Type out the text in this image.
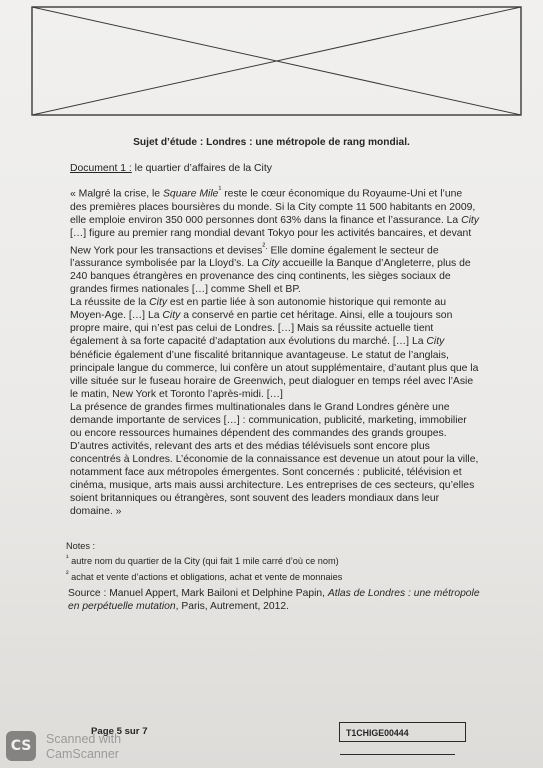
Sujet d’étude : Londres : une métropole de rang mondial.
Document 1 : le quartier d’affaires de la City

« Malgré la crise, le Square Mile$^{^1}$ reste le cœur économique du Royaume-Uni et l’une des premières places boursières du monde. Si la City compte 11 500 habitants en 2009, elle emploie environ 350 000 personnes dont 63% dans la finance et l’assurance. La City […] figure au premier rang mondial devant Tokyo pour les activités bancaires, et devant New York pour les transactions et devises$^{^2.}$ Elle domine également le secteur de l’assurance symbolisée par la Lloyd’s. La City accueille la Banque d’Angleterre, plus de 240 banques étrangères en provenance des cinq continents, les sièges sociaux de grandes firmes nationales […] comme Shell et BP.

La réussite de la City est en partie liée à son autonomie historique qui remonte au Moyen-Age. […] La City a conservé en partie cet héritage. Ainsi, elle a toujours son propre maire, qui n’est pas celui de Londres. […] Mais sa réussite actuelle tient également à sa forte capacité d’adaptation aux évolutions du marché. […] La City bénéficie également d’une fiscalité britannique avantageuse. Le statut de l’anglais, principale langue du commerce, lui confère un atout supplémentaire, d’autant plus que la ville située sur le fuseau horaire de Greenwich, peut dialoguer en temps réel avec l’Asie le matin, New York et Toronto l’après-midi. […]

La présence de grandes firmes multinationales dans le Grand Londres génère une demande importante de services […] : communication, publicité, marketing, immobilier ou encore ressources humaines dépendent des commandes des grands groupes. D’autres activités, relevant des arts et des médias télévisuels sont encore plus concentrés à Londres. L’économie de la connaissance est devenue un atout pour la ville, notamment face aux métropoles émergentes. Sont concernés : publicité, télévision et cinéma, musique, arts mais aussi architecture. Les entreprises de ces secteurs, qu’elles soient britanniques ou étrangères, sont souvent des leaders mondiaux dans leur domaine. »

Notes :
$^{^1}$ autre nom du quartier de la City (qui fait 1 mile carré d’où ce nom)
$^{^2}$ achat et vente d’actions et obligations, achat et vente de monnaies
Source : Manuel Appert, Mark Bailoni et Delphine Papin, Atlas de Londres : une métropole en perpétuelle mutation, Paris, Autrement, 2012.
Page 5 sur 7	T1CHIGE00444
CS	Scanned with
CamScanner
